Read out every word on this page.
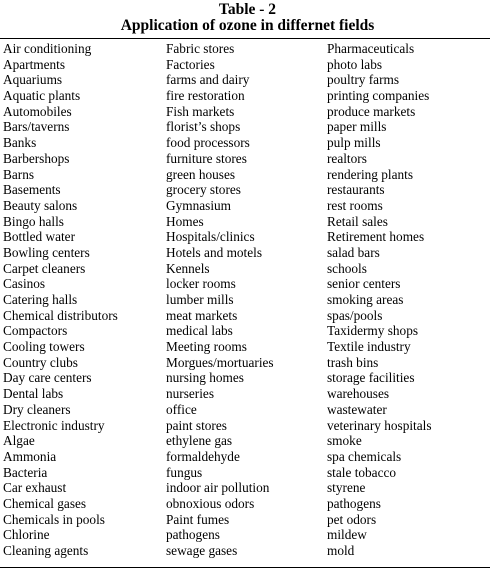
Table - 2
Application of ozone in differnet fields
Air conditioning
Apartments
Aquariums
Aquatic plants
Automobiles
Bars/taverns
Banks
Barbershops
Barns
Basements
Beauty salons
Bingo halls
Bottled water
Bowling centers
Carpet cleaners
Casinos
Catering halls
Chemical distributors
Compactors
Cooling towers
Country clubs
Day care centers
Dental labs
Dry cleaners
Electronic industry
Algae
Ammonia
Bacteria
Car exhaust
Chemical gases
Chemicals in pools
Chlorine
Cleaning agents
Fabric stores
Factories
farms and dairy
fire restoration
Fish markets
florist’s shops
food processors
furniture stores
green houses
grocery stores
Gymnasium
Homes
Hospitals/clinics
Hotels and motels
Kennels
locker rooms
lumber mills
meat markets
medical labs
Meeting rooms
Morgues/mortuaries
nursing homes
nurseries
office
paint stores
ethylene gas
formaldehyde
fungus
indoor air pollution
obnoxious odors
Paint fumes
pathogens
sewage gases
Pharmaceuticals
photo labs
poultry farms
printing companies
produce markets
paper mills
pulp mills
realtors
rendering plants
restaurants
rest rooms
Retail sales
Retirement homes
salad bars
schools
senior centers
smoking areas
spas/pools
Taxidermy shops
Textile industry
trash bins
storage facilities
warehouses
wastewater
veterinary hospitals
smoke
spa chemicals
stale tobacco
styrene
pathogens
pet odors
mildew
mold
